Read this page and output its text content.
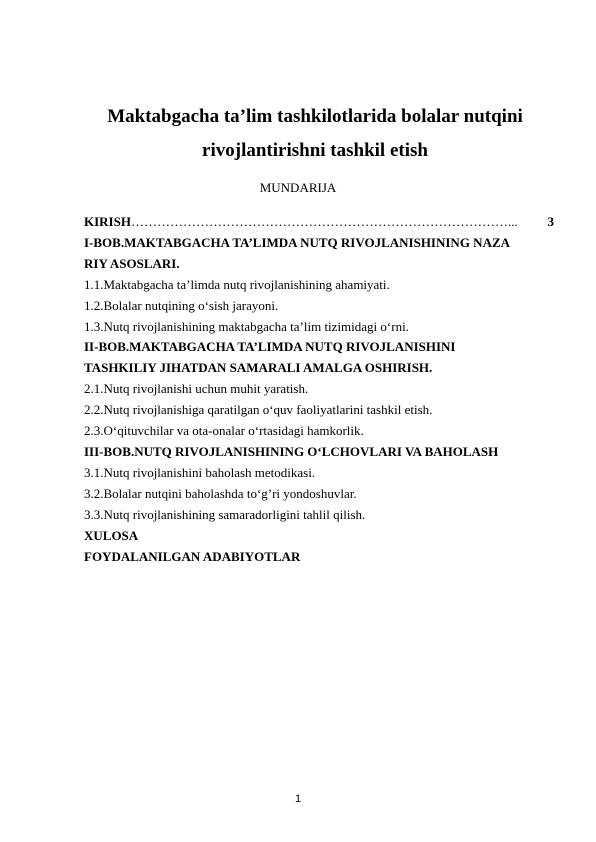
Maktabgacha ta’lim tashkilotlarida bolalar nutqini
rivojlantirishni tashkil etish
MUNDARIJA
KIRISH ……………………………………………………………………………...	3
I-BOB.MAKTABGACHA TA’LIMDA NUTQ RIVOJLANISHINING NAZA
RIY ASOSLARI.
1.1.Maktabgacha ta’limda nutq rivojlanishining ahamiyati.
1.2.Bolalar nutqining o‘sish jarayoni.
1.3.Nutq rivojlanishining maktabgacha ta’lim tizimidagi o‘rni.
II-BOB.MAKTABGACHA TA’LIMDA NUTQ RIVOJLANISHINI
TASHKILIY JIHATDAN SAMARALI AMALGA OSHIRISH.
2.1.Nutq rivojlanishi uchun muhit yaratish.
2.2.Nutq rivojlanishiga qaratilgan o‘quv faoliyatlarini tashkil etish.
2.3.O‘qituvchilar va ota-onalar o‘rtasidagi hamkorlik.
III-BOB.NUTQ RIVOJLANISHINING O‘LCHOVLARI VA BAHOLASH
3.1.Nutq rivojlanishini baholash metodikasi.
3.2.Bolalar nutqini baholashda to‘g’ri yondoshuvlar.
3.3.Nutq rivojlanishining samaradorligini tahlil qilish.
XULOSA
FOYDALANILGAN ADABIYOTLAR
1
